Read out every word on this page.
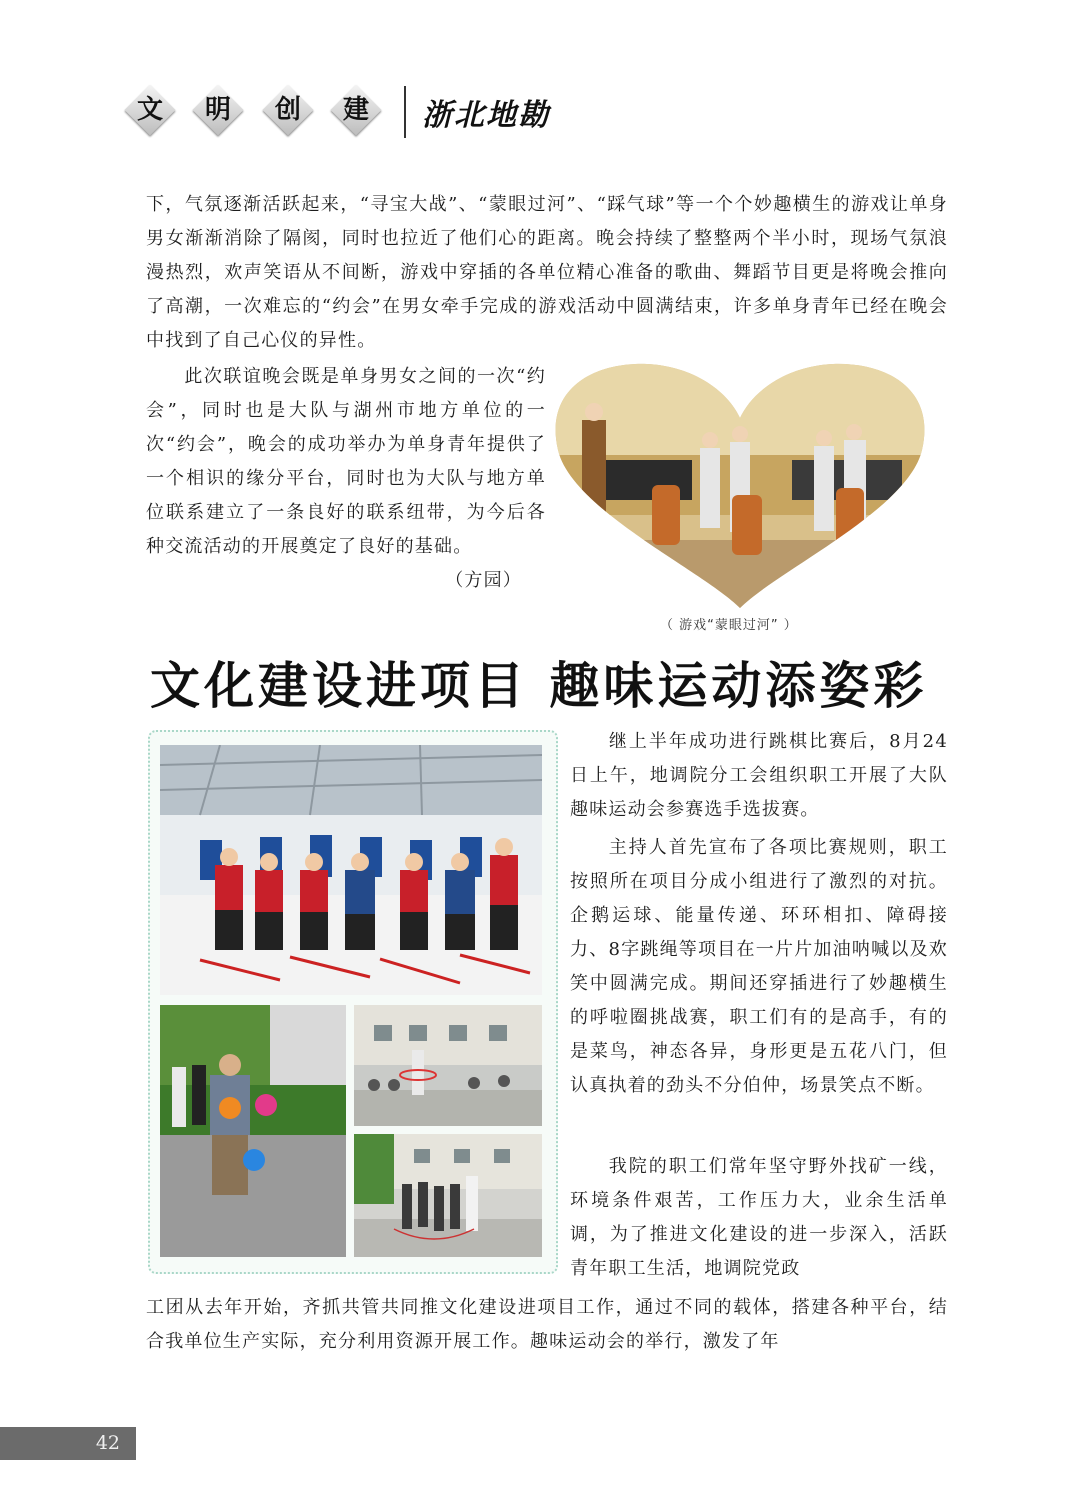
文	明	创	建	浙北地勘

下，气氛逐渐活跃起来，“寻宝大战”、“蒙眼过河”、“踩气球”等一个个妙趣横生的游戏让单身男女渐渐消除了隔阂，同时也拉近了他们心的距离。晚会持续了整整两个半小时，现场气氛浪漫热烈，欢声笑语从不间断，游戏中穿插的各单位精心准备的歌曲、舞蹈节目更是将晚会推向了高潮，一次难忘的“约会”在男女牵手完成的游戏活动中圆满结束，许多单身青年已经在晚会中找到了自己心仪的异性。

此次联谊晚会既是单身男女之间的一次“约会”，同时也是大队与湖州市地方单位的一次“约会”，晚会的成功举办为单身青年提供了一个相识的缘分平台，同时也为大队与地方单位联系建立了一条良好的联系纽带，为今后各种交流活动的开展奠定了良好的基础。
（方园）

（ 游戏“蒙眼过河” ）
文化建设进项目 趣味运动添姿彩

继上半年成功进行跳棋比赛后，8月24日上午，地调院分工会组织职工开展了大队趣味运动会参赛选手选拔赛。

主持人首先宣布了各项比赛规则，职工按照所在项目分成小组进行了激烈的对抗。企鹅运球、能量传递、环环相扣、障碍接力、8字跳绳等项目在一片片加油呐喊以及欢笑中圆满完成。期间还穿插进行了妙趣横生的呼啦圈挑战赛，职工们有的是高手，有的是菜鸟，神态各异，身形更是五花八门，但认真执着的劲头不分伯仲，场景笑点不断。

我院的职工们常年坚守野外找矿一线，环境条件艰苦，工作压力大，业余生活单调，为了推进文化建设的进一步深入，活跃青年职工生活，地调院党政

工团从去年开始，齐抓共管共同推文化建设进项目工作，通过不同的载体，搭建各种平台，结合我单位生产实际，充分利用资源开展工作。趣味运动会的举行，激发了年

42
